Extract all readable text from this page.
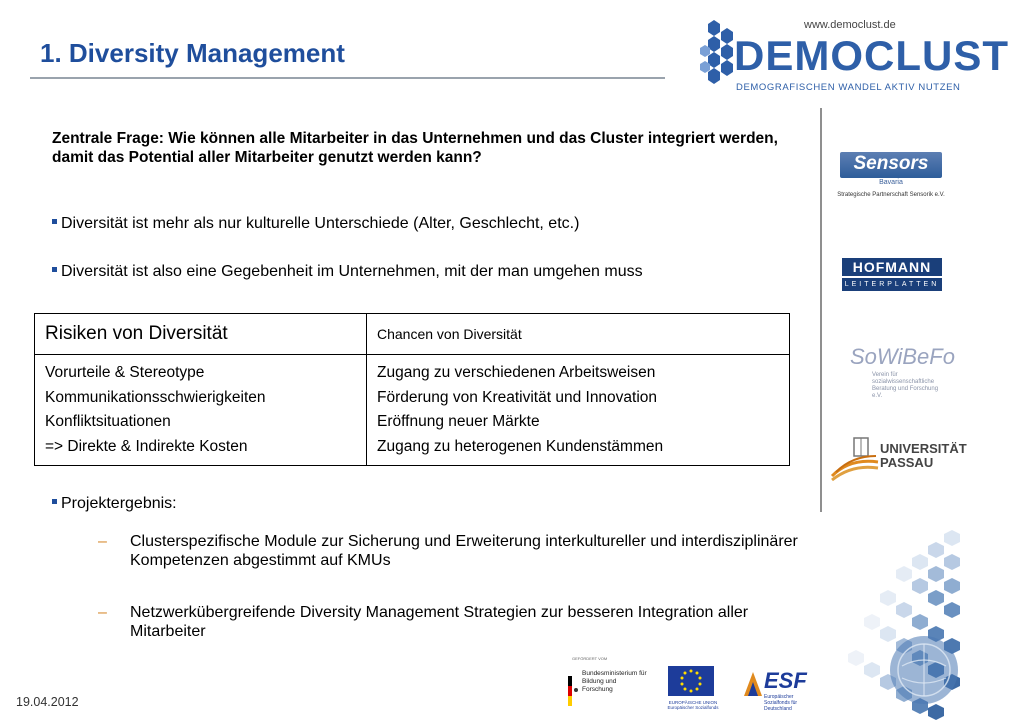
1. Diversity Management
www.democlust.de
DEMOCLUST
DEMOGRAFISCHEN WANDEL AKTIV NUTZEN
Sensors
Bavaria
Strategische Partnerschaft Sensorik e.V.
HOFMANN
LEITERPLATTEN
SoWiBeFo
Verein für sozialwissenschaftliche Beratung und Forschung e.V.
UNIVERSITÄT
PASSAU

Zentrale Frage: Wie können alle Mitarbeiter in das Unternehmen und das Cluster integriert werden, damit das Potential aller Mitarbeiter genutzt werden kann?

Diversität ist mehr als nur kulturelle Unterschiede (Alter, Geschlecht, etc.)
Diversität ist also eine Gegebenheit im Unternehmen, mit der man umgehen muss
Risiken von Diversität	Chancen von Diversität
Vorurteile & Stereotype
Kommunikationsschwierigkeiten
Konfliktsituationen
=> Direkte & Indirekte Kosten
Zugang zu verschiedenen Arbeitsweisen
Förderung von Kreativität und Innovation
Eröffnung neuer Märkte
Zugang zu heterogenen Kundenstämmen
Projektergebnis:
– Clusterspezifische Module zur Sicherung und Erweiterung interkultureller und interdisziplinärer Kompetenzen abgestimmt auf KMUs
– Netzwerkübergreifende Diversity Management Strategien zur besseren Integration aller Mitarbeiter
19.04.2012
GEFÖRDERT VOM
Bundesministerium für Bildung und Forschung
EUROPÄISCHE UNION Europäischer Sozialfonds
ESF
Europäischer Sozialfonds für Deutschland
